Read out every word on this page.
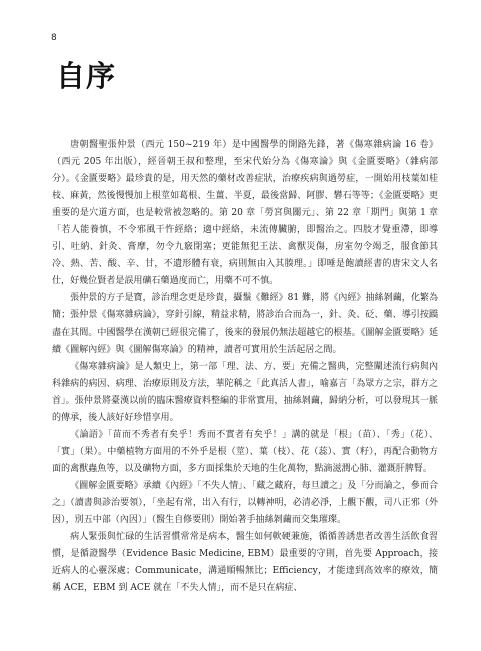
8
自序

唐朝醫聖張仲景（西元 150~219 年）是中國醫學的開路先鋒，著《傷寒雜病論 16 卷》（西元 205 年出版），經晉朝王叔和整理，至宋代始分為《傷寒論》與《金匱要略》（雜病部分）。《金匱要略》最珍貴的是，用天然的藥材改善症狀，治療疾病與過勞症，一開始用枝葉如桂枝、麻黃，然後慢慢加上根莖如葛根、生薑、半夏，最後當歸、阿膠、礬石等等；《金匱要略》更重要的是穴道方面，也是較常被忽略的。第 20 章「勞宮與關元」、第 22 章「期門」與第 1 章「若人能養慎，不令邪風干忤經絡；適中經絡，未流傳臟腑，即醫治之。四肢才覺重滯，即導引、吐納、針灸、膏摩，勿令九竅閉塞；更能無犯王法、禽獸災傷，房室勿令竭乏，服食節其冷、熱、苦、酸、辛、甘，不遺形體有衰，病則無由入其腠理。」即唾是飽讀經書的唐宋文人名仕，好幾位賢者是誤用礦石藥過度而亡，用藥不可不慎。

張仲景的方子是寶，診治理念更是珍貴，攝鬚《難經》81 難，將《內經》抽絲剝繭，化繁為簡；張仲景《傷寒雜病論》，穿針引線，精益求精，將診治合而為一，針、灸、砭、藥、導引按蹻盡在其間。中國醫學在漢朝已經很完備了，後來的發展仍無法超越它的根基。《圖解金匱要略》延續《圖解內經》與《圖解傷寒論》的精神，讀者可實用於生活起居之間。

《傷寒雜病論》是人類史上，第一部「理、法、方、要」充備之醫典，完整闡述流行病與內科雜病的病因、病理、治療原則及方法，華陀稱之「此真活人書」，喻嘉言「為眾方之宗，群方之首」。張仲景將臺漢以前的臨床醫療資料整編的非常實用，抽絲剝繭，歸納分析，可以發現其一脈的傳承，後人該好好珍惜享用。

《論語》「苗而不秀者有矣乎！秀而不實者有矣乎！」講的就是「根」（苗）、「秀」（花）、「實」（果）。中藥植物方面用的不外乎是根（莖）、葉（枝）、花（蕊）、實（籽），再配合動物方面的禽獸蟲魚等，以及礦物方面，多方面採集於天地的生化萬物，點滴滋潤心肺、灌溉肝脾腎。

《圖解金匱要略》承續《內經》「不失人情」、「藏之藏府，每旦讀之」及「分而論之，參而合之」（讀書與診治要領），「坐起有常，出入有行，以轉神明，必清必淨，上觀下觀，司八正邪（外因），別五中部（內因）」（醫生自修要則）開始著手抽絲剝繭而交集璀璨。

病人緊張與忙碌的生活習慣常常是病本，醫生如何軟硬兼施，循循善誘患者改善生活飲食習慣，是循證醫學（Evidence Basic Medicine, EBM）最重要的守則，首先要 Approach，接近病人的心靈深處；Communicate，溝通順暢無比；Efficiency，才能達到高效率的療效，簡稱 ACE，EBM 到 ACE 就在「不失人情」，而不是只在病症、
